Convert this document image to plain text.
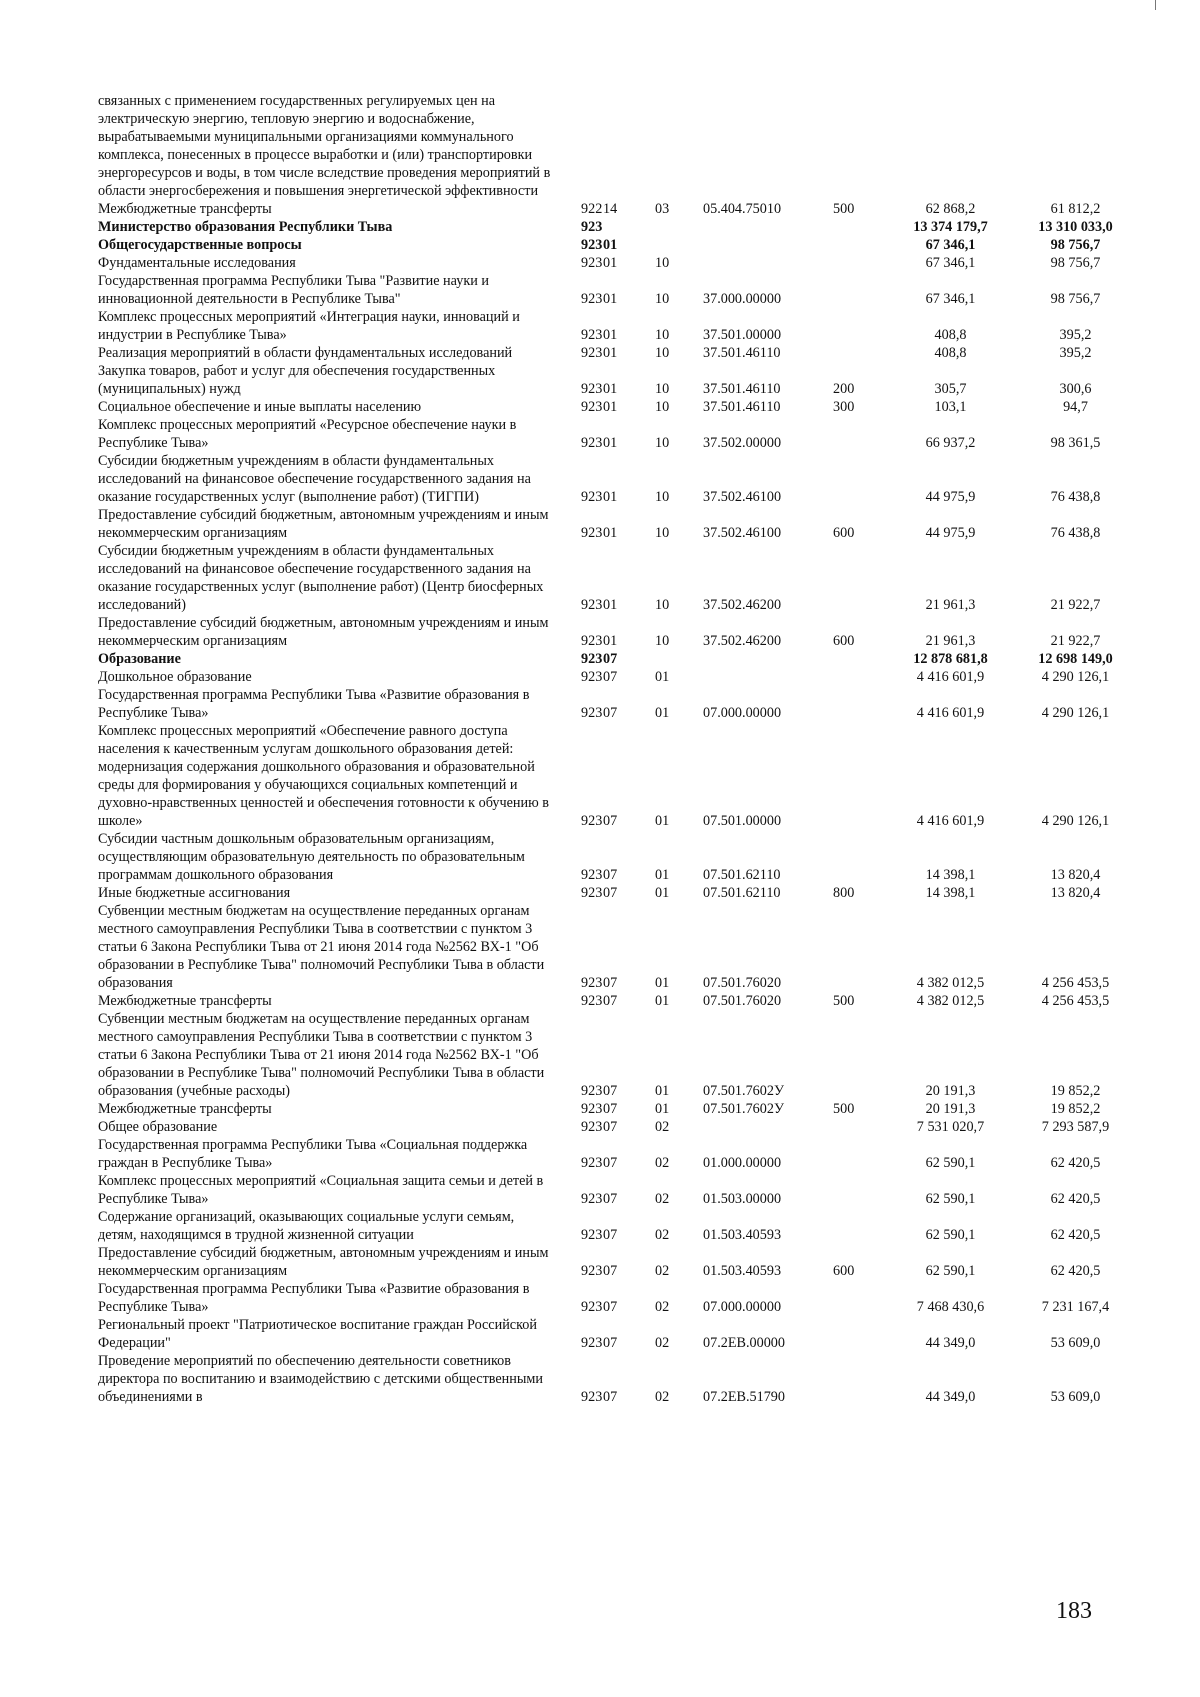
связанных с применением государственных регулируемых цен на электрическую энергию, тепловую энергию и водоснабжение, вырабатываемыми муниципальными организациями коммунального комплекса, понесенных в процессе выработки и (или) транспортировки энергоресурсов и воды, в том числе вследствие проведения мероприятий в области энергосбережения и повышения энергетической эффективности							
Межбюджетные трансферты	922	14	03	05.404.75010	500	62 868,2	61 812,2
Министерство образования Республики Тыва	923					13 374 179,7	13 310 033,0
Общегосударственные вопросы	923	01				67 346,1	98 756,7
Фундаментальные исследования	923	01	10			67 346,1	98 756,7
Государственная программа Республики Тыва "Развитие науки и инновационной деятельности в Республике Тыва"	923	01	10	37.000.00000		67 346,1	98 756,7
Комплекс процессных мероприятий «Интеграция науки, инноваций и индустрии в Республике Тыва»	923	01	10	37.501.00000		408,8	395,2
Реализация мероприятий в области фундаментальных исследований	923	01	10	37.501.46110		408,8	395,2
Закупка товаров, работ и услуг для обеспечения государственных (муниципальных) нужд	923	01	10	37.501.46110	200	305,7	300,6
Социальное обеспечение и иные выплаты населению	923	01	10	37.501.46110	300	103,1	94,7
Комплекс процессных мероприятий «Ресурсное обеспечение науки в Республике Тыва»	923	01	10	37.502.00000		66 937,2	98 361,5
Субсидии бюджетным учреждениям в области фундаментальных исследований на финансовое обеспечение государственного задания на оказание государственных услуг (выполнение работ) (ТИГПИ)	923	01	10	37.502.46100		44 975,9	76 438,8
Предоставление субсидий бюджетным, автономным учреждениям и иным некоммерческим организациям	923	01	10	37.502.46100	600	44 975,9	76 438,8
Субсидии бюджетным учреждениям в области фундаментальных исследований на финансовое обеспечение государственного задания на оказание государственных услуг (выполнение работ) (Центр биосферных исследований)	923	01	10	37.502.46200		21 961,3	21 922,7
Предоставление субсидий бюджетным, автономным учреждениям и иным некоммерческим организациям	923	01	10	37.502.46200	600	21 961,3	21 922,7
Образование	923	07				12 878 681,8	12 698 149,0
Дошкольное образование	923	07	01			4 416 601,9	4 290 126,1
Государственная программа Республики Тыва «Развитие образования в Республике Тыва»	923	07	01	07.000.00000		4 416 601,9	4 290 126,1
Комплекс процессных мероприятий «Обеспечение равного доступа населения к качественным услугам дошкольного образования детей: модернизация содержания дошкольного образования и образовательной среды для формирования у обучающихся социальных компетенций и духовно-нравственных ценностей и обеспечения готовности к обучению в школе»	923	07	01	07.501.00000		4 416 601,9	4 290 126,1
Субсидии частным дошкольным образовательным организациям, осуществляющим образовательную деятельность по образовательным программам дошкольного образования	923	07	01	07.501.62110		14 398,1	13 820,4
Иные бюджетные ассигнования	923	07	01	07.501.62110	800	14 398,1	13 820,4
Субвенции местным бюджетам на осуществление переданных органам местного самоуправления Республики Тыва в соответствии с пунктом 3 статьи 6 Закона Республики Тыва от 21 июня 2014 года №2562 ВХ-1 "Об образовании в Республике Тыва" полномочий Республики Тыва в области образования	923	07	01	07.501.76020		4 382 012,5	4 256 453,5
Межбюджетные трансферты	923	07	01	07.501.76020	500	4 382 012,5	4 256 453,5
Субвенции местным бюджетам на осуществление переданных органам местного самоуправления Республики Тыва в соответствии с пунктом 3 статьи 6 Закона Республики Тыва от 21 июня 2014 года №2562 ВХ-1 "Об образовании в Республике Тыва" полномочий Республики Тыва в области образования (учебные расходы)	923	07	01	07.501.7602У		20 191,3	19 852,2
Межбюджетные трансферты	923	07	01	07.501.7602У	500	20 191,3	19 852,2
Общее образование	923	07	02			7 531 020,7	7 293 587,9
Государственная программа Республики Тыва «Социальная поддержка граждан в Республике Тыва»	923	07	02	01.000.00000		62 590,1	62 420,5
Комплекс процессных мероприятий «Социальная защита семьи и детей в Республике Тыва»	923	07	02	01.503.00000		62 590,1	62 420,5
Содержание организаций, оказывающих социальные услуги семьям, детям, находящимся в трудной жизненной ситуации	923	07	02	01.503.40593		62 590,1	62 420,5
Предоставление субсидий бюджетным, автономным учреждениям и иным некоммерческим организациям	923	07	02	01.503.40593	600	62 590,1	62 420,5
Государственная программа Республики Тыва «Развитие образования в Республике Тыва»	923	07	02	07.000.00000		7 468 430,6	7 231 167,4
Региональный проект "Патриотическое воспитание граждан Российской Федерации"	923	07	02	07.2ЕВ.00000		44 349,0	53 609,0
Проведение мероприятий по обеспечению деятельности советников директора по воспитанию и взаимодействию с детскими общественными объединениями в	923	07	02	07.2ЕВ.51790		44 349,0	53 609,0
183
